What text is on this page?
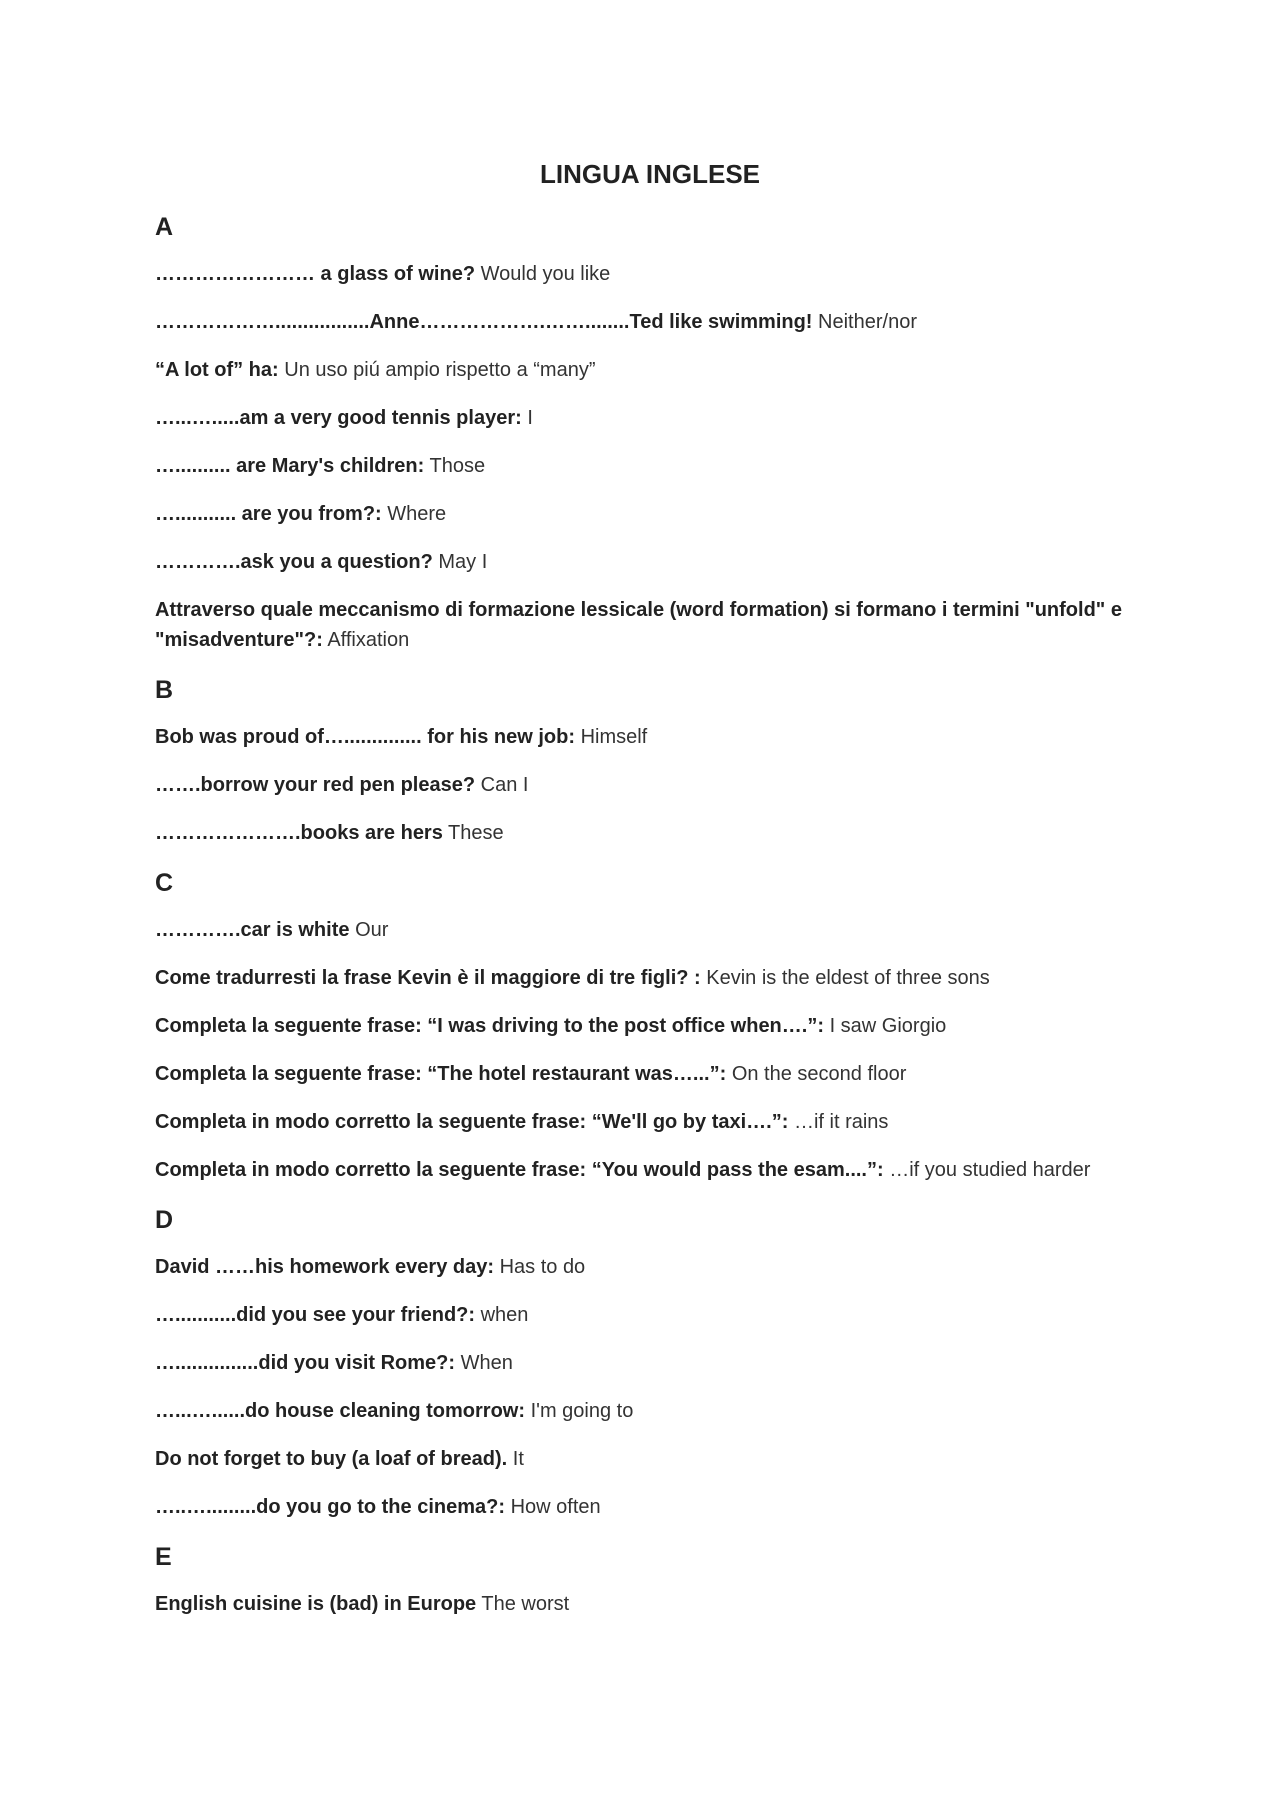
LINGUA INGLESE
A

…………………… a glass of wine? Would you like

……………….................Anne……………….……........Ted like swimming! Neither/nor

“A lot of” ha: Un uso piú ampio rispetto a “many”

…...….....am a very good tennis player: I

….......... are Mary's children: Those

…........... are you from?: Where

………….ask you a question? May I

Attraverso quale meccanismo di formazione lessicale (word formation) si formano i termini "unfold" e "misadventure"?: Affixation

B

Bob was proud of….............. for his new job: Himself

…….borrow your red pen please? Can I

………………….books are hers These

C

………….car is white Our

Come tradurresti la frase Kevin è il maggiore di tre figli? : Kevin is the eldest of three sons

Completa la seguente frase: “I was driving to the post office when….”: I saw Giorgio

Completa la seguente frase: “The hotel restaurant was…...”: On the second floor

Completa in modo corretto la seguente frase: “We'll go by taxi….”: …if it rains

Completa in modo corretto la seguente frase: “You would pass the esam....”: …if you studied harder

D

David ……his homework every day: Has to do

…...........did you see your friend?: when

…...............did you visit Rome?: When

…...…......do house cleaning tomorrow: I'm going to

Do not forget to buy (a loaf of bread). It

…..….........do you go to the cinema?: How often

E

English cuisine is (bad) in Europe The worst
